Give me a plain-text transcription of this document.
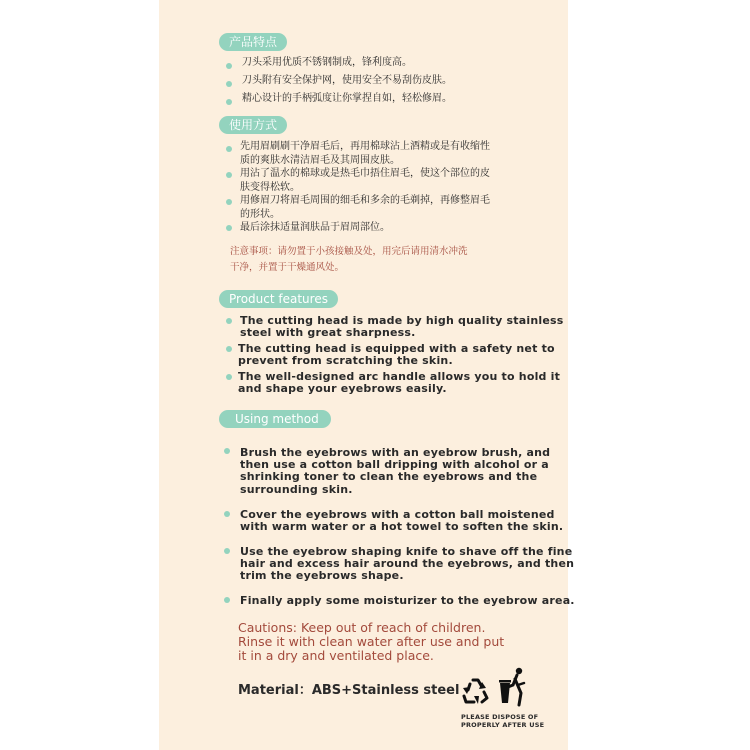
产品特点
刀头采用优质不锈钢制成，锋利度高。
刀头附有安全保护网，使用安全不易刮伤皮肤。
精心设计的手柄弧度让你掌捏自如，轻松修眉。
使用方式
先用眉刷刷干净眉毛后，再用棉球沾上酒精或是有收缩性
质的爽肤水清洁眉毛及其周围皮肤。
用沾了温水的棉球或是热毛巾捂住眉毛，使这个部位的皮
肤变得松软。
用修眉刀将眉毛周围的细毛和多余的毛剃掉，再修整眉毛
的形状。
最后涂抹适量润肤品于眉周部位。
注意事项：请勿置于小孩接触及处，用完后请用清水冲洗
干净，并置于干燥通风处。
Product features
The cutting head is made by high quality stainless
steel with great sharpness.
The cutting head is equipped with a safety net to
prevent from scratching the skin.
The well-designed arc handle allows you to hold it
and shape your eyebrows easily.
Using method
Brush the eyebrows with an eyebrow brush, and
then use a cotton ball dripping with alcohol or a
shrinking toner to clean the eyebrows and the
surrounding skin.
Cover the eyebrows with a cotton ball moistened
with warm water or a hot towel to soften the skin.
Use the eyebrow shaping knife to shave off the fine
hair and excess hair around the eyebrows, and then
trim the eyebrows shape.
Finally apply some moisturizer to the eyebrow area.
Cautions: Keep out of reach of children.
Rinse it with clean water after use and put
it in a dry and ventilated place.
Material：ABS+Stainless steel
PLEASE DISPOSE OF
PROPERLY AFTER USE
